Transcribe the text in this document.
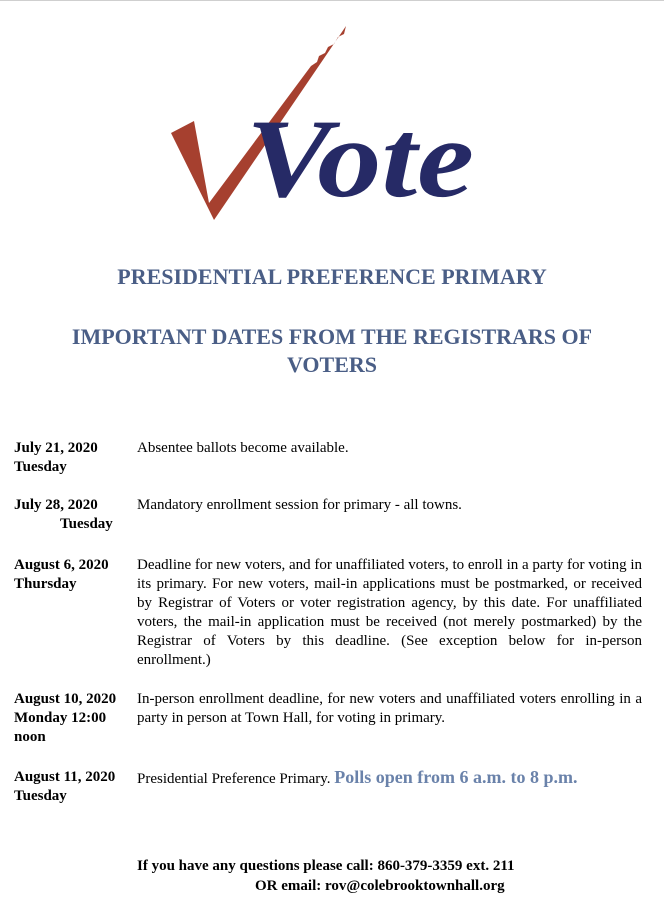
Vote
PRESIDENTIAL PREFERENCE PRIMARY
IMPORTANT DATES FROM THE REGISTRARS OF VOTERS
July 21, 2020
Tuesday
Absentee ballots become available.
July 28, 2020
Tuesday
Mandatory enrollment session for primary - all towns.
August 6, 2020
Thursday
Deadline for new voters, and for unaffiliated voters, to enroll in a party for voting in its primary. For new voters, mail-in applications must be postmarked, or received by Registrar of Voters or voter registration agency, by this date. For unaffiliated voters, the mail-in application must be received (not merely postmarked) by the Registrar of Voters by this deadline. (See exception below for in-person enrollment.)
August 10, 2020
Monday 12:00 noon
In-person enrollment deadline, for new voters and unaffiliated voters enrolling in a party in person at Town Hall, for voting in primary.
August 11, 2020
Tuesday
Presidential Preference Primary. Polls open from 6 a.m. to 8 p.m.
If you have any questions please call: 860-379-3359 ext. 211
OR email: rov@colebrooktownhall.org
